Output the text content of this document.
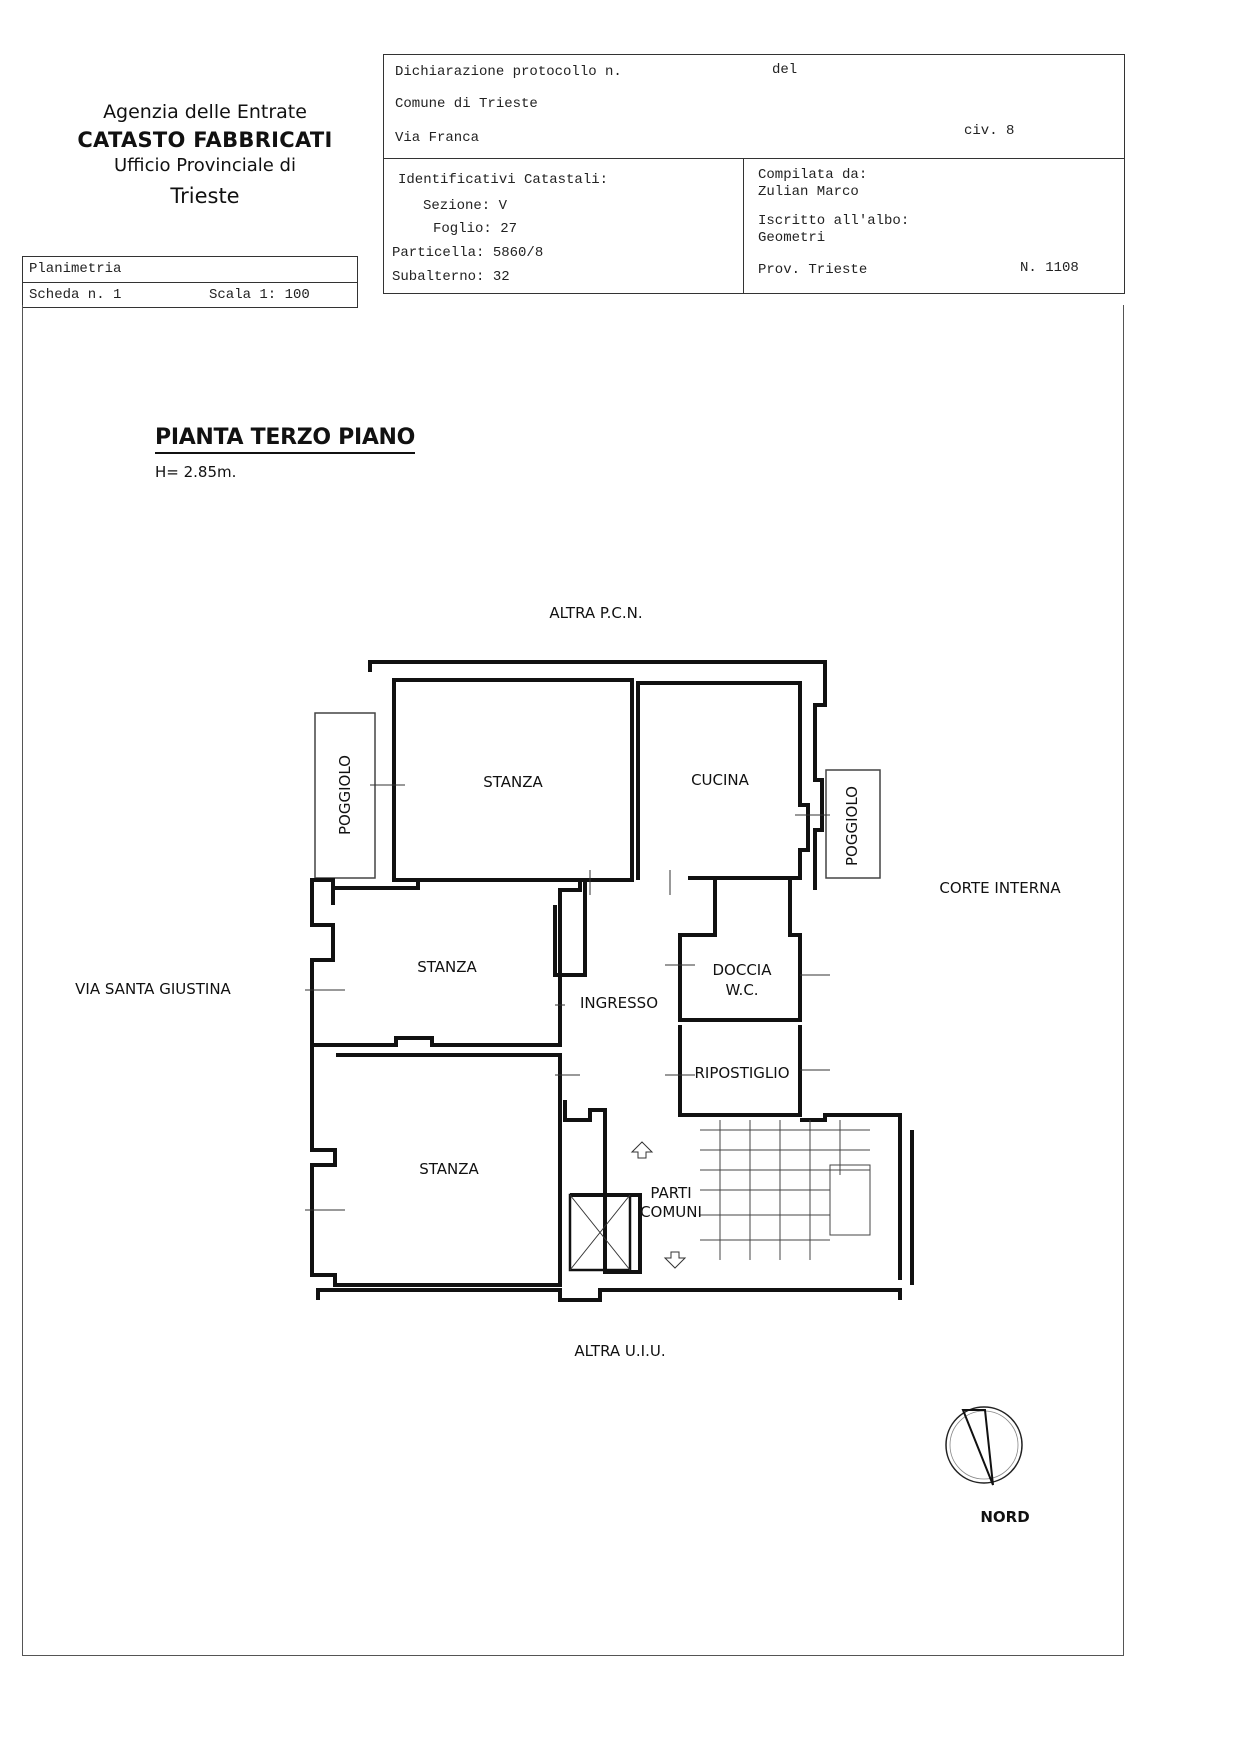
Agenzia delle Entrate
CATASTO FABBRICATI
Ufficio Provinciale di
Trieste
Planimetria
Scheda n. 1	Scala 1: 100
Dichiarazione protocollo n.	del
Comune di Trieste
Via Franca	civ. 8
Identificativi Catastali:
Sezione: V
Foglio: 27
Particella: 5860/8
Subalterno: 32
Compilata da:
Zulian Marco
Iscritto all'albo:
Geometri
Prov. Trieste	N. 1108
PIANTA TERZO PIANO
H= 2.85m.
STANZA	CUCINA
STANZA
STANZA
INGRESSO
DOCCIA
W.C.
RIPOSTIGLIO
PARTI
COMUNI
POGGIOLO	POGGIOLO
ALTRA P.C.N.
ALTRA U.I.U.
CORTE INTERNA
VIA SANTA GIUSTINA
NORD
